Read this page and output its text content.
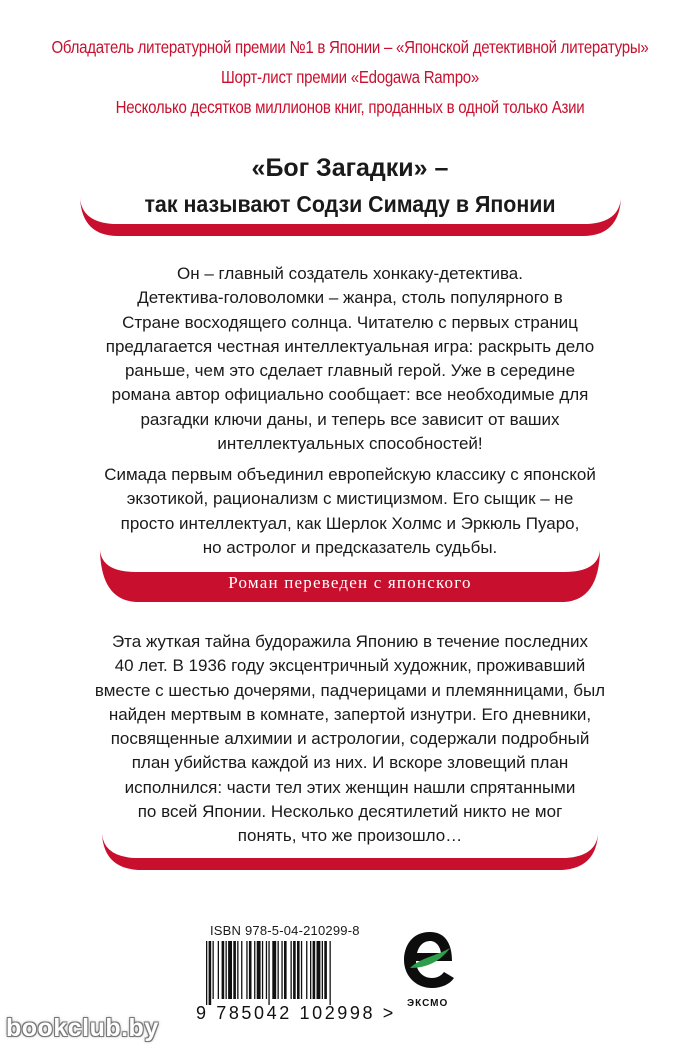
Обладатель литературной премии №1 в Японии – «Японской детективной литературы»
Шорт-лист премии «Edogawa Rampo»
Несколько десятков миллионов книг, проданных в одной только Азии
«Бог Загадки» –
так называют Содзи Симаду в Японии
Он – главный создатель хонкаку-детектива.
Детектива-головоломки – жанра, столь популярного в
Стране восходящего солнца. Читателю с первых страниц
предлагается честная интеллектуальная игра: раскрыть дело
раньше, чем это сделает главный герой. Уже в середине
романа автор официально сообщает: все необходимые для
разгадки ключи даны, и теперь все зависит от ваших
интеллектуальных способностей!
Симада первым объединил европейскую классику с японской
экзотикой, рационализм с мистицизмом. Его сыщик – не
просто интеллектуал, как Шерлок Холмс и Эркюль Пуаро,
но астролог и предсказатель судьбы.
Роман переведен с японского
Эта жуткая тайна будоражила Японию в течение последних
40 лет. В 1936 году эксцентричный художник, проживавший
вместе с шестью дочерями, падчерицами и племянницами, был
найден мертвым в комнате, запертой изнутри. Его дневники,
посвященные алхимии и астрологии, содержали подробный
план убийства каждой из них. И вскоре зловещий план
исполнился: части тел этих женщин нашли спрятанными
по всей Японии. Несколько десятилетий никто не мог
понять, что же произошло…
ISBN 978-5-04-210299-8
9 785042 102998 > ЭКСМО
bookclub.by
